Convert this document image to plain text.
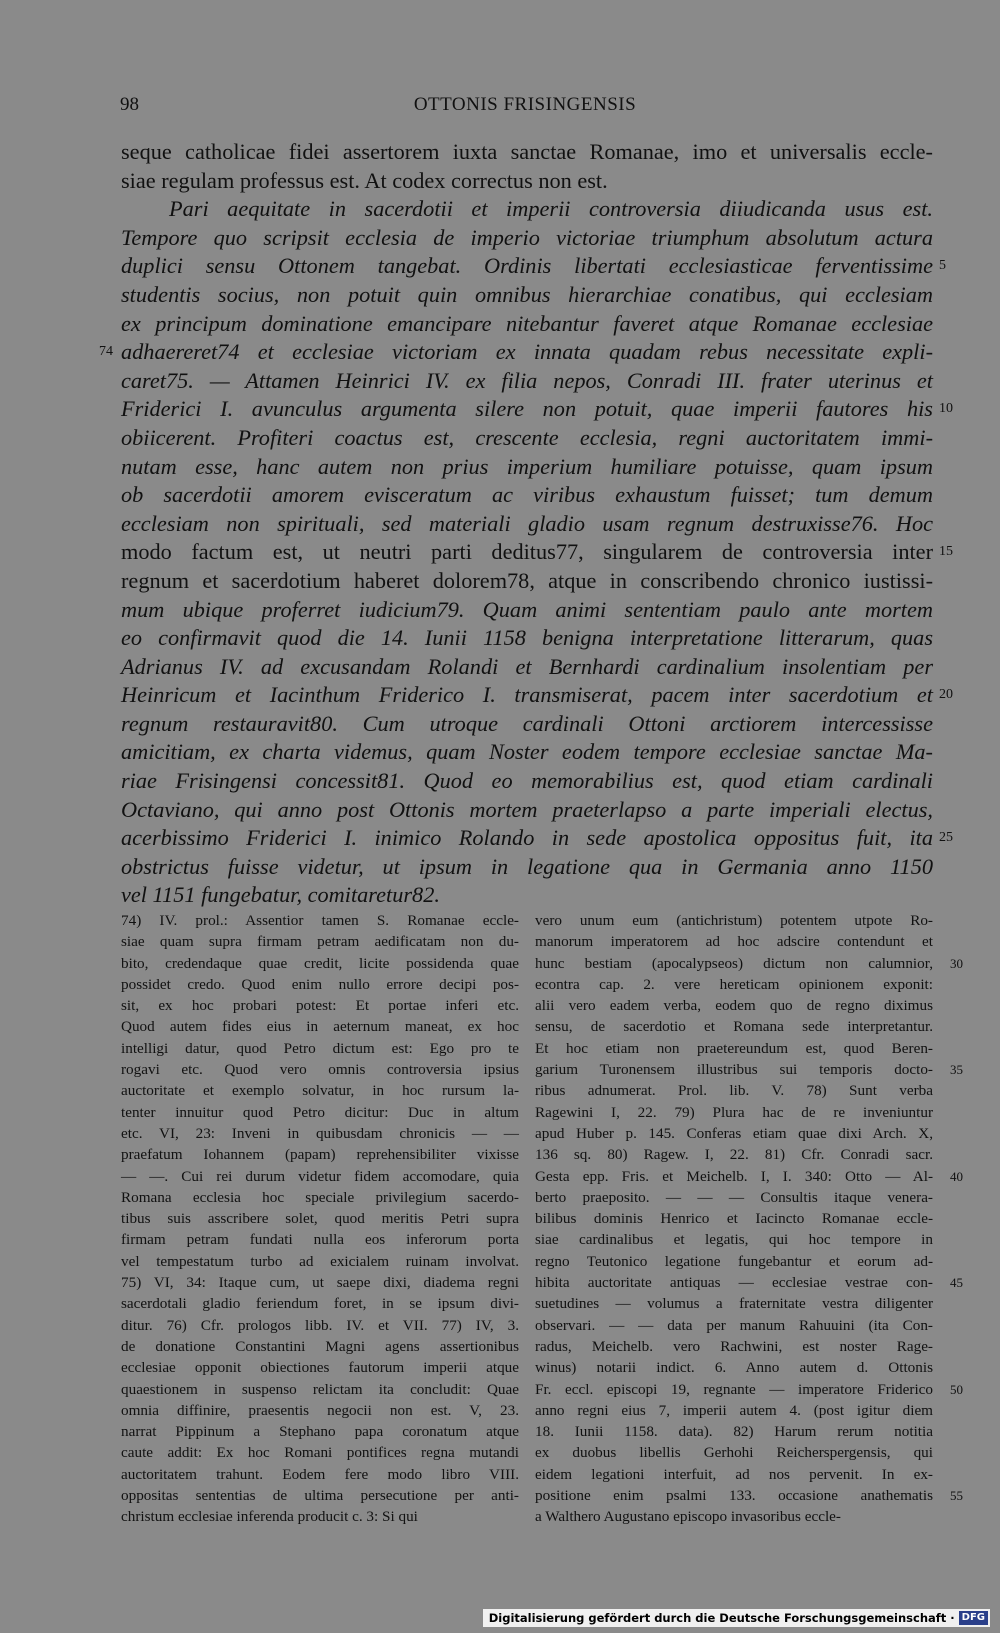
98	OTTONIS FRISINGENSIS
seque catholicae fidei assertorem iuxta sanctae Romanae, imo et universalis eccle-
siae regulam professus est. At codex correctus non est.
Pari aequitate in sacerdotii et imperii controversia diiudicanda usus est.
Tempore quo scripsit ecclesia de imperio victoriae triumphum absolutum actura
duplici sensu Ottonem tangebat. Ordinis libertati ecclesiasticae ferventissime 5
studentis socius, non potuit quin omnibus hierarchiae conatibus, qui ecclesiam
ex principum dominatione emancipare nitebantur faveret atque Romanae ecclesiae
adhaereret74 et ecclesiae victoriam ex innata quadam rebus necessitate expli-
74
caret75. — Attamen Heinrici IV. ex filia nepos, Conradi III. frater uterinus et
Friderici I. avunculus argumenta silere non potuit, quae imperii fautores his 10
obiicerent. Profiteri coactus est, crescente ecclesia, regni auctoritatem immi-
nutam esse, hanc autem non prius imperium humiliare potuisse, quam ipsum
ob sacerdotii amorem evisceratum ac viribus exhaustum fuisset; tum demum
ecclesiam non spirituali, sed materiali gladio usam regnum destruxisse76. Hoc
modo factum est, ut neutri parti deditus77, singularem de controversia inter 15
regnum et sacerdotium haberet dolorem78, atque in conscribendo chronico iustissi-
mum ubique proferret iudicium79. Quam animi sententiam paulo ante mortem
eo confirmavit quod die 14. Iunii 1158 benigna interpretatione litterarum, quas
Adrianus IV. ad excusandam Rolandi et Bernhardi cardinalium insolentiam per
Heinricum et Iacinthum Friderico I. transmiserat, pacem inter sacerdotium et 20
regnum restauravit80. Cum utroque cardinali Ottoni arctiorem intercessisse
amicitiam, ex charta videmus, quam Noster eodem tempore ecclesiae sanctae Ma-
riae Frisingensi concessit81. Quod eo memorabilius est, quod etiam cardinali
Octaviano, qui anno post Ottonis mortem praeterlapso a parte imperiali electus,
acerbissimo Friderici I. inimico Rolando in sede apostolica oppositus fuit, ita 25
obstrictus fuisse videtur, ut ipsum in legatione qua in Germania anno 1150
vel 1151 fungebatur, comitaretur82.
74) IV. prol.: Assentior tamen S. Romanae eccle-
siae quam supra firmam petram aedificatam non du-
bito, credendaque quae credit, licite possidenda quae
possidet credo. Quod enim nullo errore decipi pos-
sit, ex hoc probari potest: Et portae inferi etc.
Quod autem fides eius in aeternum maneat, ex hoc
intelligi datur, quod Petro dictum est: Ego pro te
rogavi etc. Quod vero omnis controversia ipsius
auctoritate et exemplo solvatur, in hoc rursum la-
tenter innuitur quod Petro dicitur: Duc in altum
etc. VI, 23: Inveni in quibusdam chronicis — —
praefatum Iohannem (papam) reprehensibiliter vixisse
— —. Cui rei durum videtur fidem accomodare, quia
Romana ecclesia hoc speciale privilegium sacerdo-
tibus suis asscribere solet, quod meritis Petri supra
firmam petram fundati nulla eos inferorum porta
vel tempestatum turbo ad exicialem ruinam involvat.
75) VI, 34: Itaque cum, ut saepe dixi, diadema regni
sacerdotali gladio feriendum foret, in se ipsum divi-
ditur. 76) Cfr. prologos libb. IV. et VII. 77) IV, 3.
de donatione Constantini Magni agens assertionibus
ecclesiae opponit obiectiones fautorum imperii atque
quaestionem in suspenso relictam ita concludit: Quae
omnia diffinire, praesentis negocii non est. V, 23.
narrat Pippinum a Stephano papa coronatum atque
caute addit: Ex hoc Romani pontifices regna mutandi
auctoritatem trahunt. Eodem fere modo libro VIII.
oppositas sententias de ultima persecutione per anti-
christum ecclesiae inferenda producit c. 3: Si qui
vero unum eum (antichristum) potentem utpote Ro-
manorum imperatorem ad hoc adscire contendunt et
hunc bestiam (apocalypseos) dictum non calumnior, 30
econtra cap. 2. vere hereticam opinionem exponit:
alii vero eadem verba, eodem quo de regno diximus
sensu, de sacerdotio et Romana sede interpretantur.
Et hoc etiam non praetereundum est, quod Beren-
garium Turonensem illustribus sui temporis docto- 35
ribus adnumerat. Prol. lib. V. 78) Sunt verba
Ragewini I, 22. 79) Plura hac de re inveniuntur
apud Huber p. 145. Conferas etiam quae dixi Arch. X,
136 sq. 80) Ragew. I, 22. 81) Cfr. Conradi sacr.
Gesta epp. Fris. et Meichelb. I, I. 340: Otto — Al- 40
berto praeposito. — — — Consultis itaque venera-
bilibus dominis Henrico et Iacincto Romanae eccle-
siae cardinalibus et legatis, qui hoc tempore in
regno Teutonico legatione fungebantur et eorum ad-
hibita auctoritate antiquas — ecclesiae vestrae con- 45
suetudines — volumus a fraternitate vestra diligenter
observari. — — data per manum Rahuuini (ita Con-
radus, Meichelb. vero Rachwini, est noster Rage-
winus) notarii indict. 6. Anno autem d. Ottonis
Fr. eccl. episcopi 19, regnante — imperatore Friderico 50
anno regni eius 7, imperii autem 4. (post igitur diem
18. Iunii 1158. data). 82) Harum rerum notitia
ex duobus libellis Gerhohi Reicherspergensis, qui
eidem legationi interfuit, ad nos pervenit. In ex-
positione enim psalmi 133. occasione anathematis 55
a Walthero Augustano episcopo invasoribus eccle-
Digitalisierung gefördert durch die Deutsche Forschungsgemeinschaft · DFG
